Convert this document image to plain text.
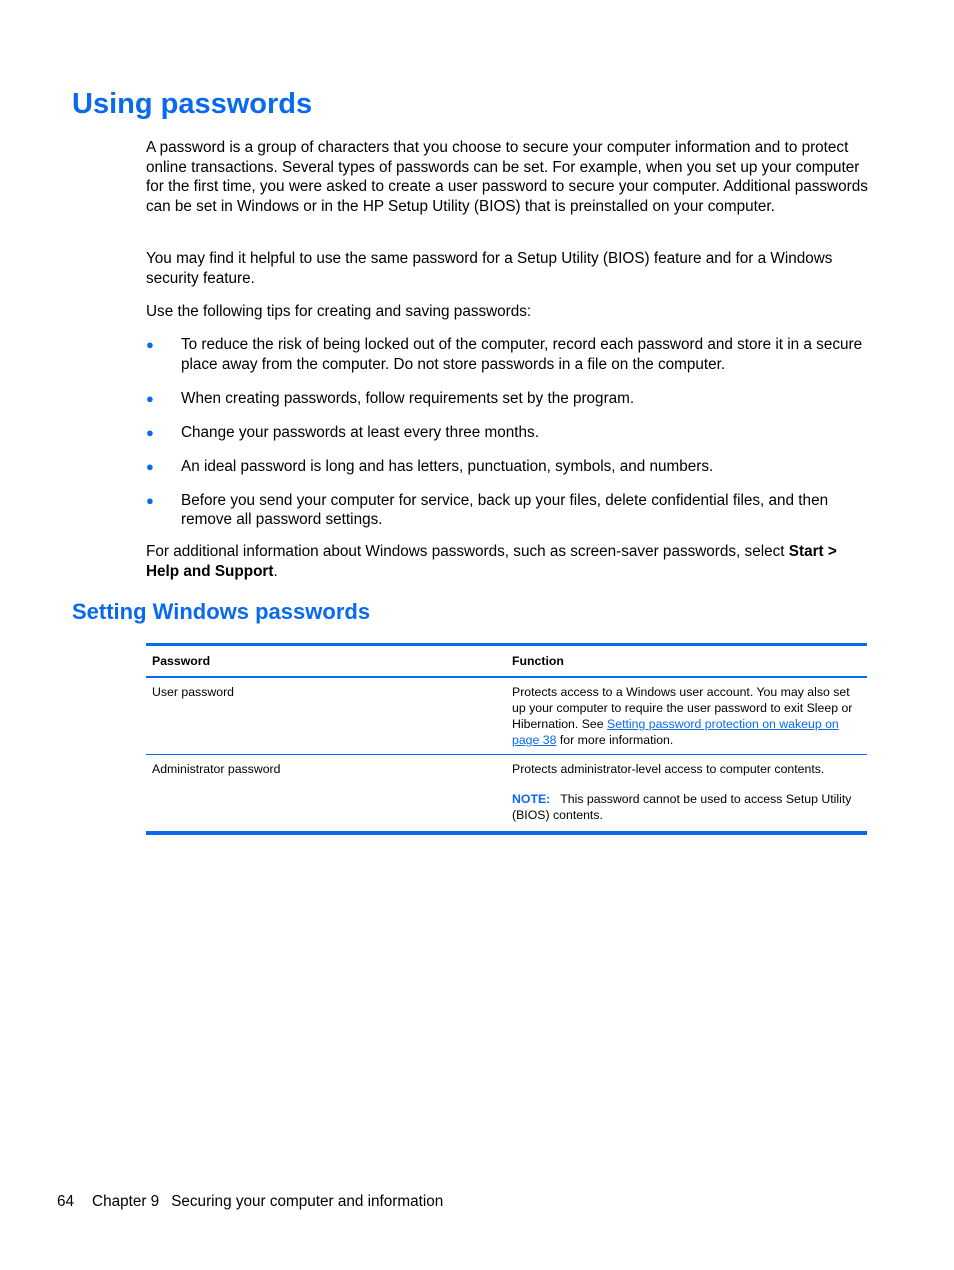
Using passwords

A password is a group of characters that you choose to secure your computer information and to protect online transactions. Several types of passwords can be set. For example, when you set up your computer for the first time, you were asked to create a user password to secure your computer. Additional passwords can be set in Windows or in the HP Setup Utility (BIOS) that is preinstalled on your computer.

You may find it helpful to use the same password for a Setup Utility (BIOS) feature and for a Windows security feature.

Use the following tips for creating and saving passwords:

● To reduce the risk of being locked out of the computer, record each password and store it in a secure place away from the computer. Do not store passwords in a file on the computer.
● When creating passwords, follow requirements set by the program.
● Change your passwords at least every three months.
● An ideal password is long and has letters, punctuation, symbols, and numbers.
● Before you send your computer for service, back up your files, delete confidential files, and then remove all password settings.

For additional information about Windows passwords, such as screen-saver passwords, select Start > Help and Support.

Setting Windows passwords
Password	Function
User password	Protects access to a Windows user account. You may also set up your computer to require the user password to exit Sleep or Hibernation. See Setting password protection on wakeup on page 38 for more information.
Administrator password	Protects administrator-level access to computer contents.
NOTE: This password cannot be used to access Setup Utility (BIOS) contents.
64 Chapter 9 Securing your computer and information
